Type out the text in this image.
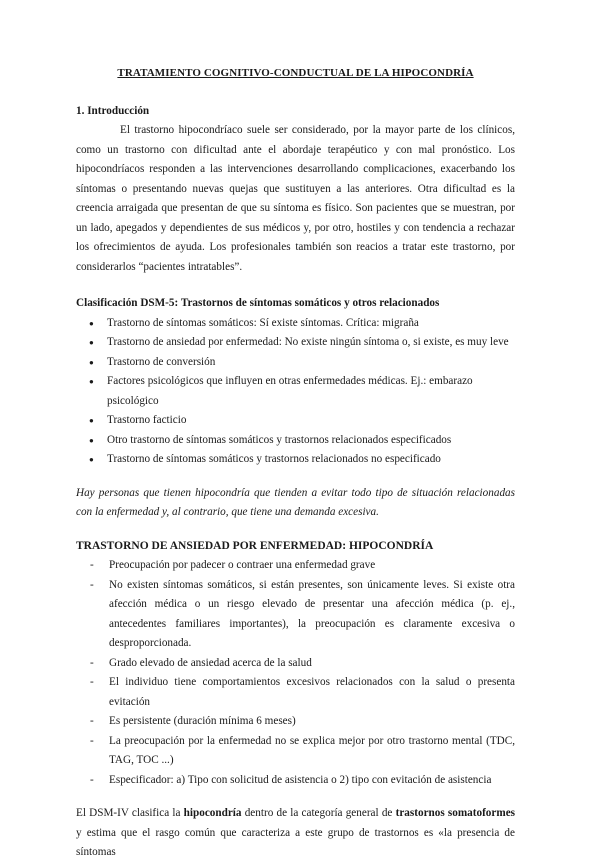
TRATAMIENTO COGNITIVO-CONDUCTUAL DE LA HIPOCONDRÍA

1. Introducción

El trastorno hipocondríaco suele ser considerado, por la mayor parte de los clínicos, como un trastorno con dificultad ante el abordaje terapéutico y con mal pronóstico. Los hipocondríacos responden a las intervenciones desarrollando complicaciones, exacerbando los síntomas o presentando nuevas quejas que sustituyen a las anteriores. Otra dificultad es la creencia arraigada que presentan de que su síntoma es físico. Son pacientes que se muestran, por un lado, apegados y dependientes de sus médicos y, por otro, hostiles y con tendencia a rechazar los ofrecimientos de ayuda. Los profesionales también son reacios a tratar este trastorno, por considerarlos “pacientes intratables”.

Clasificación DSM-5: Trastornos de síntomas somáticos y otros relacionados

● Trastorno de síntomas somáticos: Sí existe síntomas. Crítica: migraña
● Trastorno de ansiedad por enfermedad: No existe ningún síntoma o, si existe, es muy leve
● Trastorno de conversión
● Factores psicológicos que influyen en otras enfermedades médicas. Ej.: embarazo psicológico
● Trastorno facticio
● Otro trastorno de síntomas somáticos y trastornos relacionados especificados
● Trastorno de síntomas somáticos y trastornos relacionados no especificado

Hay personas que tienen hipocondría que tienden a evitar todo tipo de situación relacionadas con la enfermedad y, al contrario, que tiene una demanda excesiva.

TRASTORNO DE ANSIEDAD POR ENFERMEDAD: HIPOCONDRÍA

- Preocupación por padecer o contraer una enfermedad grave
- No existen síntomas somáticos, si están presentes, son únicamente leves. Si existe otra afección médica o un riesgo elevado de presentar una afección médica (p. ej., antecedentes familiares importantes), la preocupación es claramente excesiva o desproporcionada.
- Grado elevado de ansiedad acerca de la salud
- El individuo tiene comportamientos excesivos relacionados con la salud o presenta evitación
- Es persistente (duración mínima 6 meses)
- La preocupación por la enfermedad no se explica mejor por otro trastorno mental (TDC, TAG, TOC ...)
- Especificador: a) Tipo con solicitud de asistencia o 2) tipo con evitación de asistencia

El DSM-IV clasifica la hipocondría dentro de la categoría general de trastornos somatoformes y estima que el rasgo común que caracteriza a este grupo de trastornos es «la presencia de síntomas
